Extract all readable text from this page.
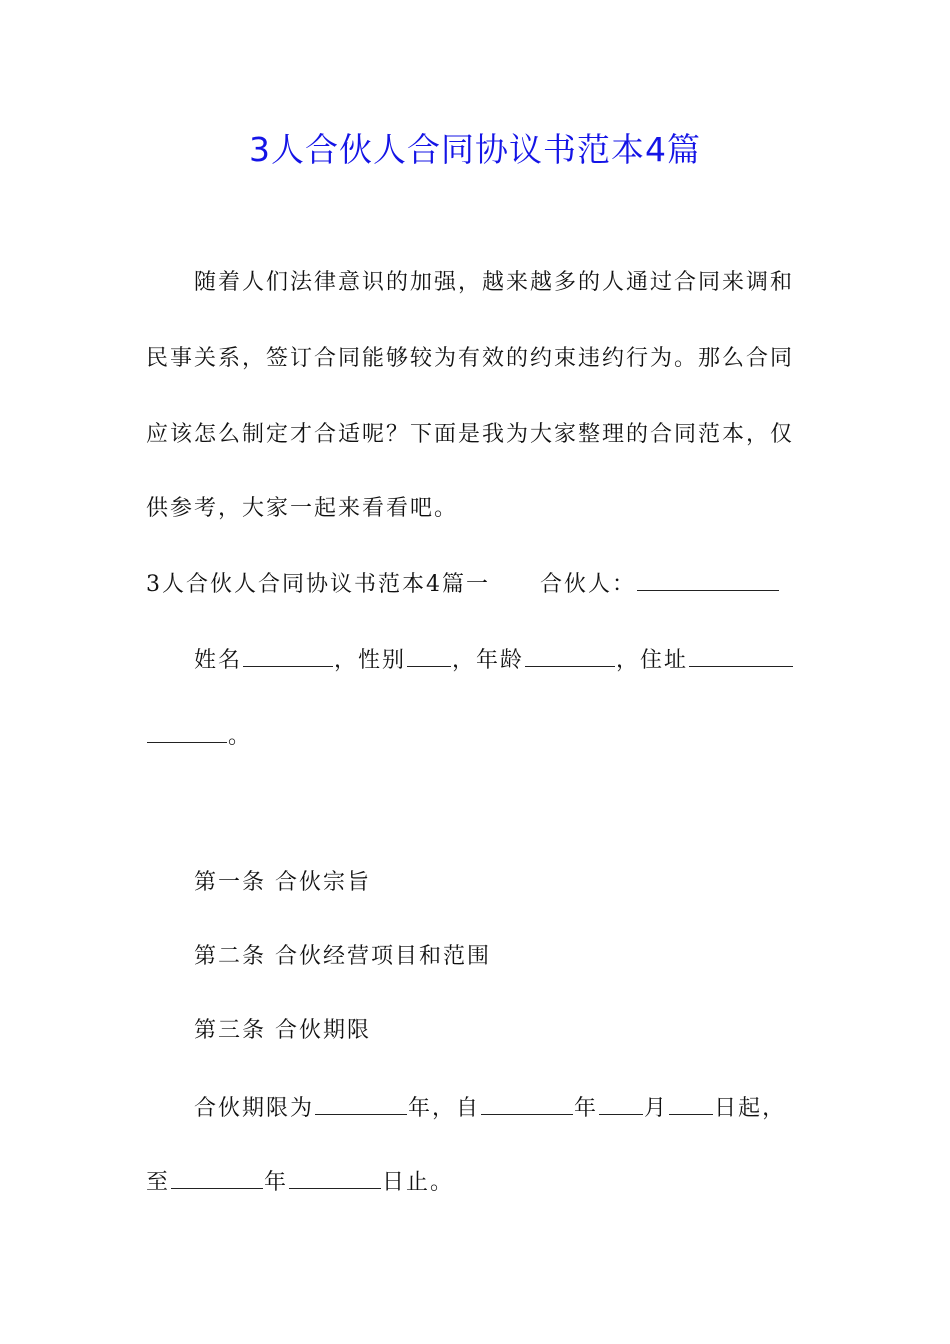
3人合伙人合同协议书范本4篇
随着人们法律意识的加强，越来越多的人通过合同来调和
民事关系，签订合同能够较为有效的约束违约行为。那么合同
应该怎么制定才合适呢？下面是我为大家整理的合同范本，仅
供参考，大家一起来看看吧。
3人合伙人合同协议书范本4篇一 合伙人：
姓名	，性别 ，年龄	，住址
。
第一条 合伙宗旨
第二条 合伙经营项目和范围
第三条 合伙期限
合伙期限为	年，自	年 月 日起，
至	年	日止。
